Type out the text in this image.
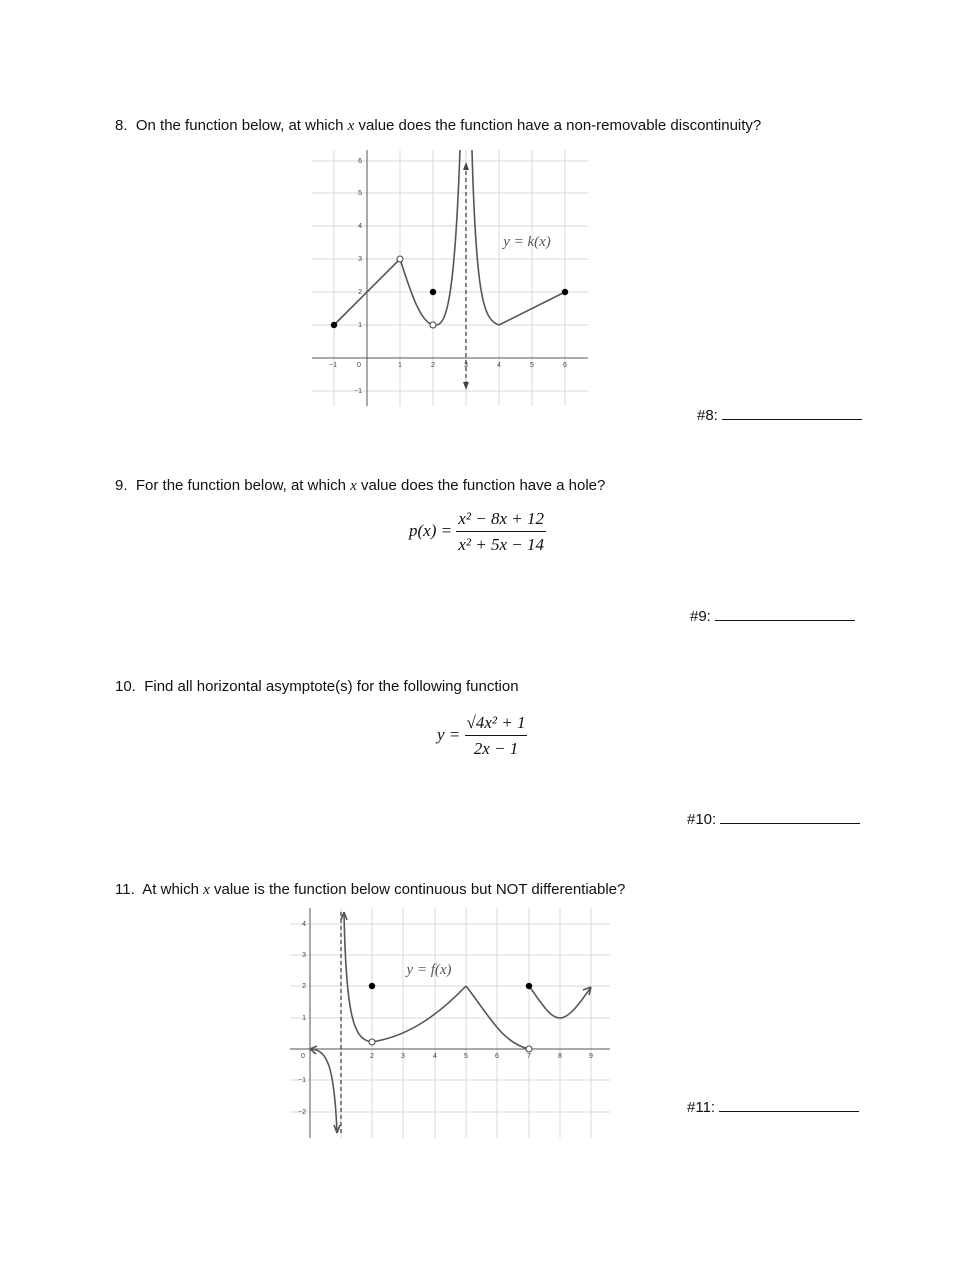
8. On the function below, at which x value does the function have a non-removable discontinuity?
−1	0	1	2	3	4	5	6
−1
1
2
3
4
5
6
y = k(x)
#8:
9. For the function below, at which x value does the function have a hole?
$p(x) = \frac{\text{x² − 8x + 12}}{\text{x² + 5x − 14}}$
#9:
10. Find all horizontal asymptote(s) for the following function
$y = \frac{\text{√4x² + 1}}{2x - 1}$
#10:
11. At which x value is the function below continuous but NOT differentiable?
0	2	3	4	5	6	7	8	9
−2
−1
1
2
3
4
y = f(x)
#11:
